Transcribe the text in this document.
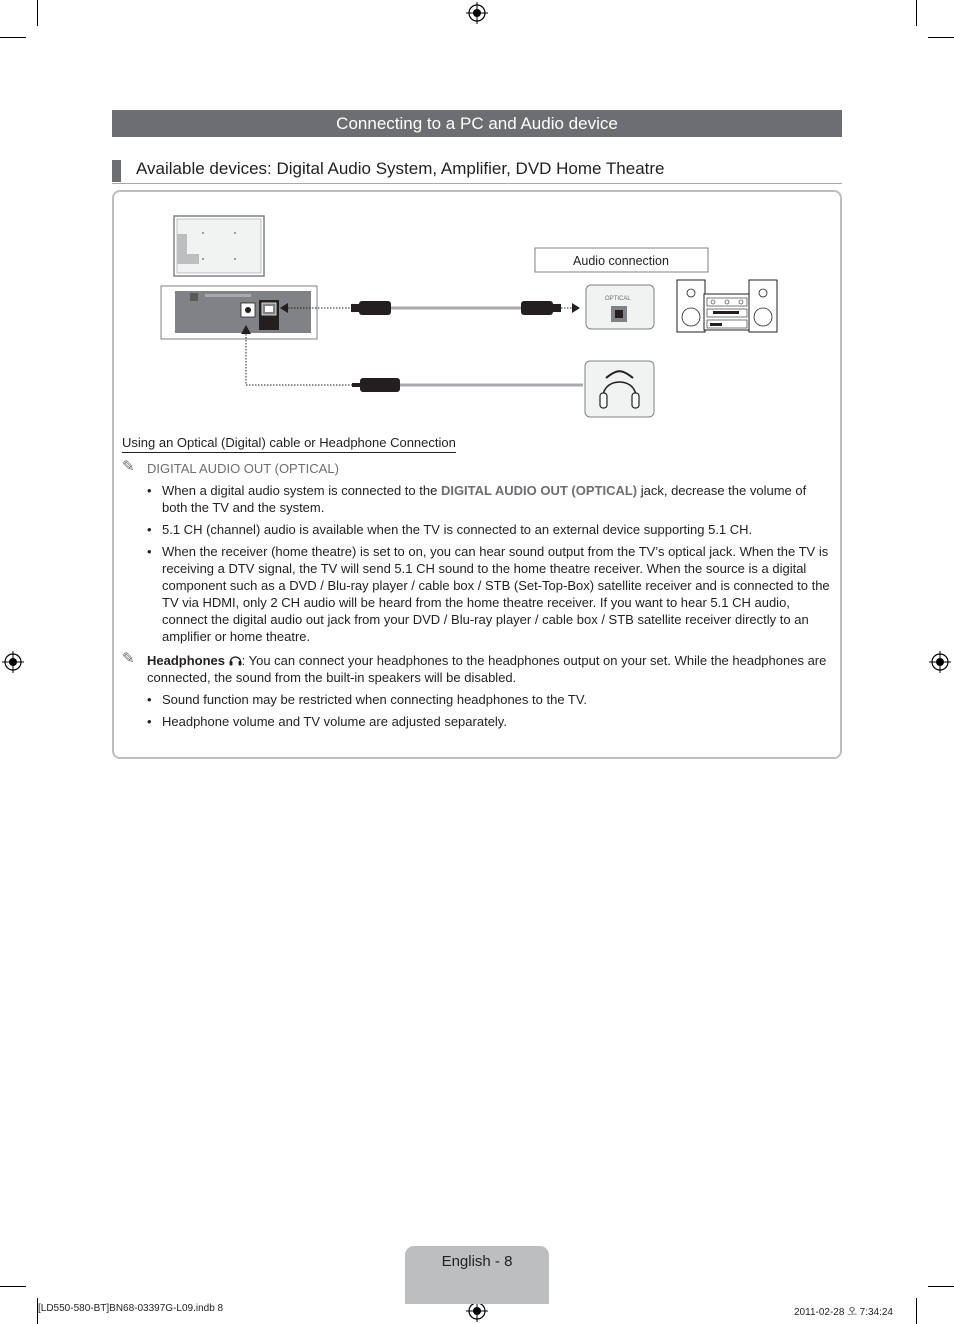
Connecting to a PC and Audio device
Available devices: Digital Audio System, Amplifier, DVD Home Theatre
Audio connection
OPTICAL
Using an Optical (Digital) cable or Headphone Connection
✎ DIGITAL AUDIO OUT (OPTICAL)
• When a digital audio system is connected to the DIGITAL AUDIO OUT (OPTICAL) jack, decrease the volume of both the TV and the system.
• 5.1 CH (channel) audio is available when the TV is connected to an external device supporting 5.1 CH.
• When the receiver (home theatre) is set to on, you can hear sound output from the TV’s optical jack. When the TV is receiving a DTV signal, the TV will send 5.1 CH sound to the home theatre receiver. When the source is a digital component such as a DVD / Blu-ray player / cable box / STB (Set-Top-Box) satellite receiver and is connected to the TV via HDMI, only 2 CH audio will be heard from the home theatre receiver. If you want to hear 5.1 CH audio, connect the digital audio out jack from your DVD / Blu-ray player / cable box / STB satellite receiver directly to an amplifier or home theatre.
✎ Headphones : You can connect your headphones to the headphones output on your set. While the headphones are connected, the sound from the built-in speakers will be disabled.
• Sound function may be restricted when connecting headphones to the TV.
• Headphone volume and TV volume are adjusted separately.
English - 8
[LD550-580-BT]BN68-03397G-L09.indb 8	2011-02-28 오 7:34:24
